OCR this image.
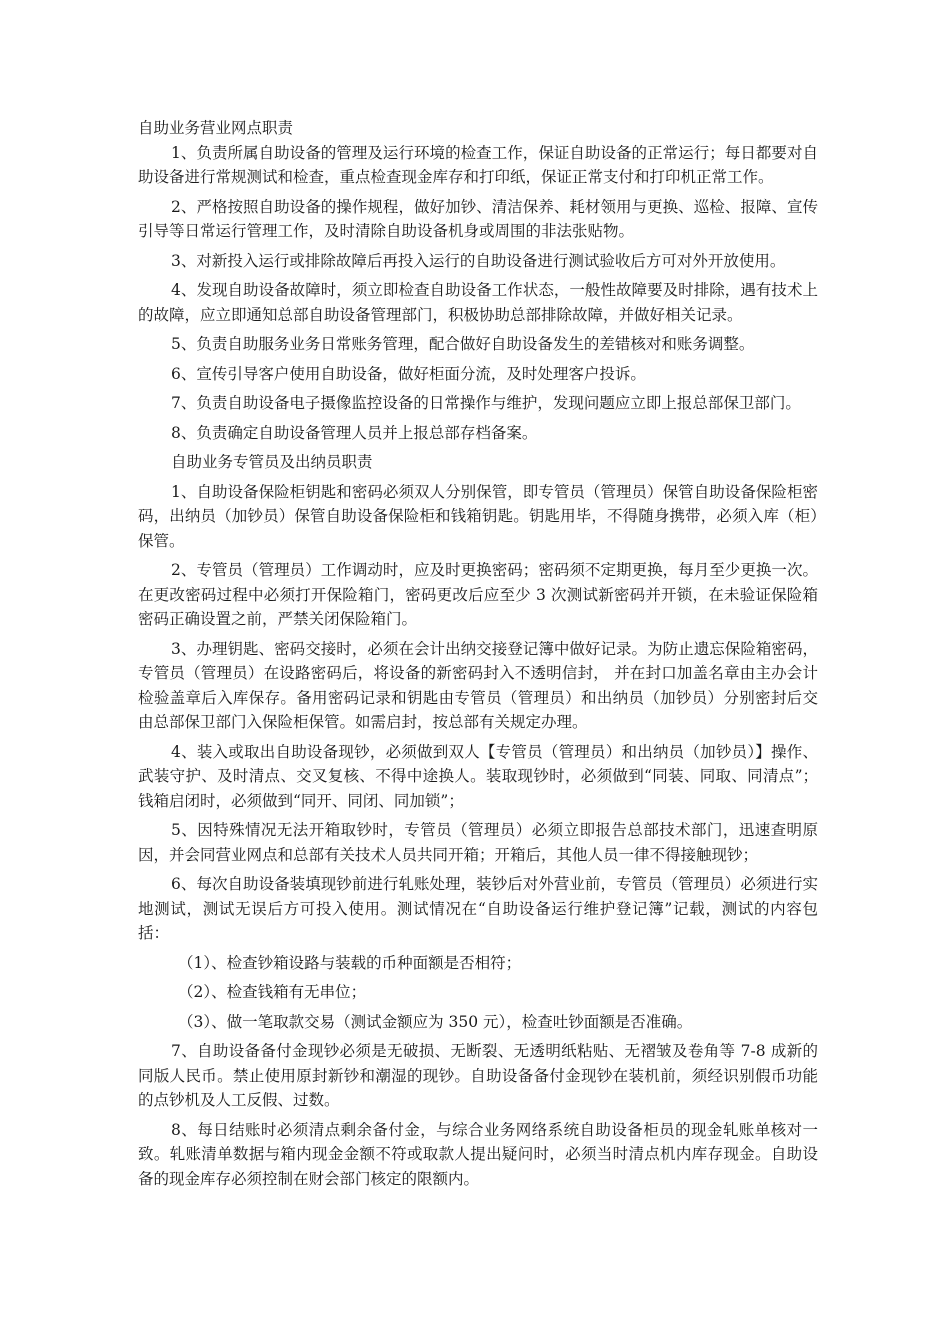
自助业务营业网点职责

1、负责所属自助设备的管理及运行环境的检查工作，保证自助设备的正常运行；每日都要对自助设备进行常规测试和检查，重点检查现金库存和打印纸，保证正常支付和打印机正常工作。

2、严格按照自助设备的操作规程，做好加钞、清洁保养、耗材领用与更换、巡检、报障、宣传引导等日常运行管理工作，及时清除自助设备机身或周围的非法张贴物。

3、对新投入运行或排除故障后再投入运行的自助设备进行测试验收后方可对外开放使用。

4、发现自助设备故障时，须立即检查自助设备工作状态，一般性故障要及时排除，遇有技术上的故障，应立即通知总部自助设备管理部门，积极协助总部排除故障，并做好相关记录。

5、负责自助服务业务日常账务管理，配合做好自助设备发生的差错核对和账务调整。

6、宣传引导客户使用自助设备，做好柜面分流，及时处理客户投诉。

7、负责自助设备电子摄像监控设备的日常操作与维护，发现问题应立即上报总部保卫部门。

8、负责确定自助设备管理人员并上报总部存档备案。

自助业务专管员及出纳员职责

1、自助设备保险柜钥匙和密码必须双人分别保管，即专管员（管理员）保管自助设备保险柜密码，出纳员（加钞员）保管自助设备保险柜和钱箱钥匙。钥匙用毕，不得随身携带，必须入库（柜）保管。

2、专管员（管理员）工作调动时，应及时更换密码；密码须不定期更换，每月至少更换一次。在更改密码过程中必须打开保险箱门，密码更改后应至少 3 次测试新密码并开锁，在未验证保险箱密码正确设置之前，严禁关闭保险箱门。

3、办理钥匙、密码交接时，必须在会计出纳交接登记簿中做好记录。为防止遗忘保险箱密码，专管员（管理员）在设路密码后，将设备的新密码封入不透明信封， 并在封口加盖名章由主办会计检验盖章后入库保存。备用密码记录和钥匙由专管员（管理员）和出纳员（加钞员）分别密封后交由总部保卫部门入保险柜保管。如需启封，按总部有关规定办理。

4、装入或取出自助设备现钞，必须做到双人【专管员（管理员）和出纳员（加钞员）】操作、武装守护、及时清点、交叉复核、不得中途换人。装取现钞时，必须做到“同装、同取、同清点”；钱箱启闭时，必须做到“同开、同闭、同加锁”；

5、因特殊情况无法开箱取钞时，专管员（管理员）必须立即报告总部技术部门，迅速查明原因，并会同营业网点和总部有关技术人员共同开箱；开箱后，其他人员一律不得接触现钞；

6、每次自助设备装填现钞前进行轧账处理，装钞后对外营业前，专管员（管理员）必须进行实地测试，测试无误后方可投入使用。测试情况在“自助设备运行维护登记簿”记载，测试的内容包括：

（1）、检查钞箱设路与装载的币种面额是否相符；

（2）、检查钱箱有无串位；

（3）、做一笔取款交易（测试金额应为 350 元），检查吐钞面额是否准确。

7、自助设备备付金现钞必须是无破损、无断裂、无透明纸粘贴、无褶皱及卷角等 7-8 成新的同版人民币。禁止使用原封新钞和潮湿的现钞。自助设备备付金现钞在装机前，须经识别假币功能的点钞机及人工反假、过数。

8、每日结账时必须清点剩余备付金，与综合业务网络系统自助设备柜员的现金轧账单核对一致。轧账清单数据与箱内现金金额不符或取款人提出疑问时，必须当时清点机内库存现金。自助设备的现金库存必须控制在财会部门核定的限额内。
